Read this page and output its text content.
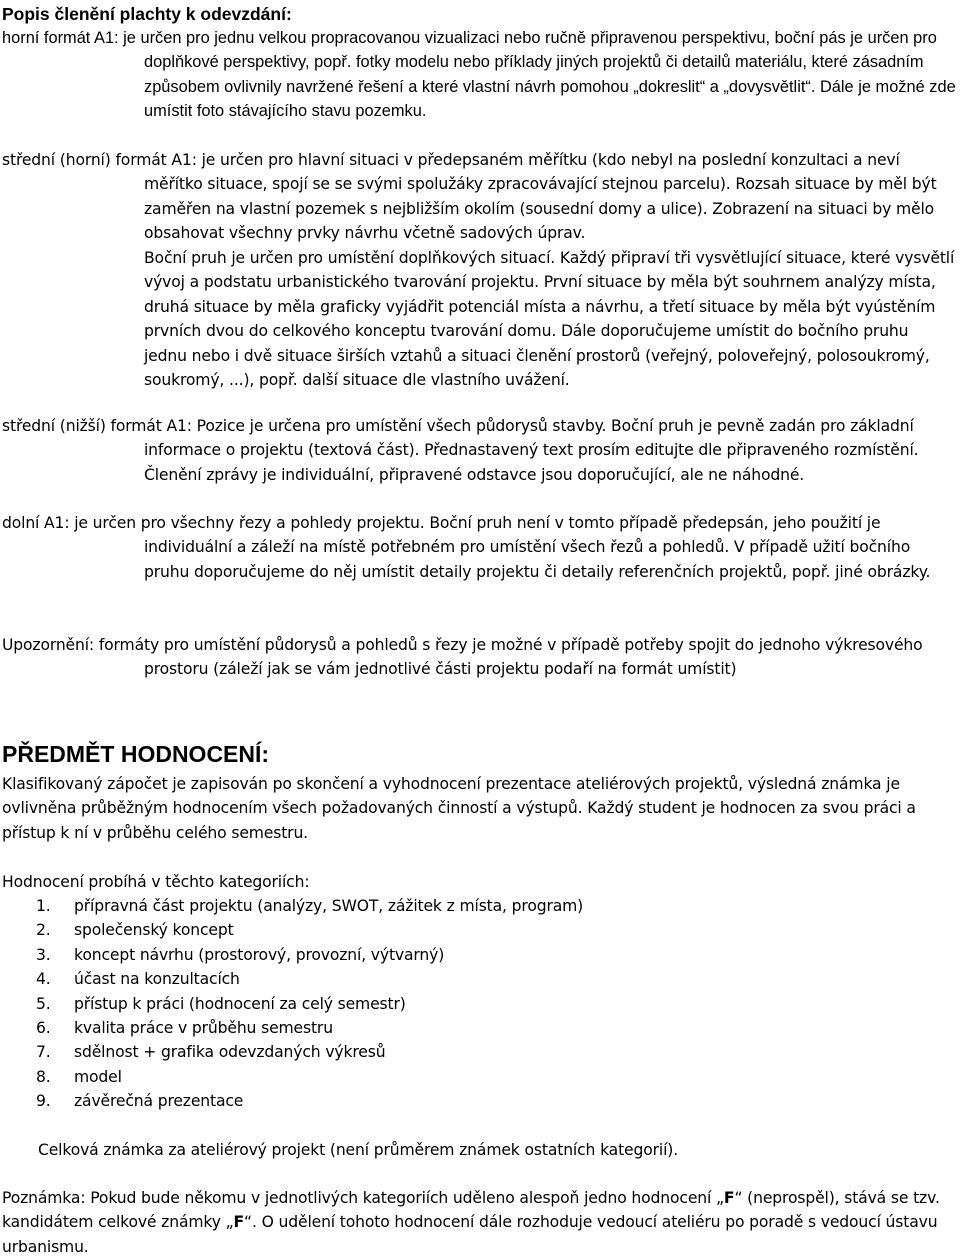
Popis členění plachty k odevzdání:

horní formát A1: je určen pro jednu velkou propracovanou vizualizaci nebo ručně připravenou perspektivu, boční pás je určen pro doplňkové perspektivy, popř. fotky modelu nebo příklady jiných projektů či detailů materiálu, které zásadním způsobem ovlivnily navržené řešení a které vlastní návrh pomohou „dokreslit“ a „dovysvětlit“. Dále je možné zde umístit foto stávajícího stavu pozemku.

střední (horní) formát A1: je určen pro hlavní situaci v předepsaném měřítku (kdo nebyl na poslední konzultaci a neví měřítko situace, spojí se se svými spolužáky zpracovávající stejnou parcelu). Rozsah situace by měl být zaměřen na vlastní pozemek s nejbližším okolím (sousední domy a ulice). Zobrazení na situaci by mělo obsahovat všechny prvky návrhu včetně sadových úprav.

Boční pruh je určen pro umístění doplňkových situací. Každý připraví tři vysvětlující situace, které vysvětlí vývoj a podstatu urbanistického tvarování projektu. První situace by měla být souhrnem analýzy místa, druhá situace by měla graficky vyjádřit potenciál místa a návrhu, a třetí situace by měla být vyústěním prvních dvou do celkového konceptu tvarování domu. Dále doporučujeme umístit do bočního pruhu jednu nebo i dvě situace širších vztahů a situaci členění prostorů (veřejný, poloveřejný, polosoukromý, soukromý, ...), popř. další situace dle vlastního uvážení.

střední (nižší) formát A1: Pozice je určena pro umístění všech půdorysů stavby. Boční pruh je pevně zadán pro základní informace o projektu (textová část). Přednastavený text prosím editujte dle připraveného rozmístění. Členění zprávy je individuální, připravené odstavce jsou doporučující, ale ne náhodné.

dolní A1: je určen pro všechny řezy a pohledy projektu. Boční pruh není v tomto případě předepsán, jeho použití je individuální a záleží na místě potřebném pro umístění všech řezů a pohledů. V případě užití bočního pruhu doporučujeme do něj umístit detaily projektu či detaily referenčních projektů, popř. jiné obrázky.

Upozornění: formáty pro umístění půdorysů a pohledů s řezy je možné v případě potřeby spojit do jednoho výkresového prostoru (záleží jak se vám jednotlivé části projektu podaří na formát umístit)

PŘEDMĚT HODNOCENÍ:

Klasifikovaný zápočet je zapisován po skončení a vyhodnocení prezentace ateliérových projektů, výsledná známka je ovlivněna průběžným hodnocením všech požadovaných činností a výstupů. Každý student je hodnocen za svou práci a přístup k ní v průběhu celého semestru.

Hodnocení probíhá v těchto kategoriích:

1.	přípravná část projektu (analýzy, SWOT, zážitek z místa, program)
2.	společenský koncept
3.	koncept návrhu (prostorový, provozní, výtvarný)
4.	účast na konzultacích
5.	přístup k práci (hodnocení za celý semestr)
6.	kvalita práce v průběhu semestru
7.	sdělnost + grafika odevzdaných výkresů
8.	model
9.	závěrečná prezentace

Celková známka za ateliérový projekt (není průměrem známek ostatních kategorií).

Poznámka: Pokud bude někomu v jednotlivých kategoriích uděleno alespoň jedno hodnocení „F“ (neprospěl), stává se tzv. kandidátem celkové známky „F“. O udělení tohoto hodnocení dále rozhoduje vedoucí ateliéru po poradě s vedoucí ústavu urbanismu.
